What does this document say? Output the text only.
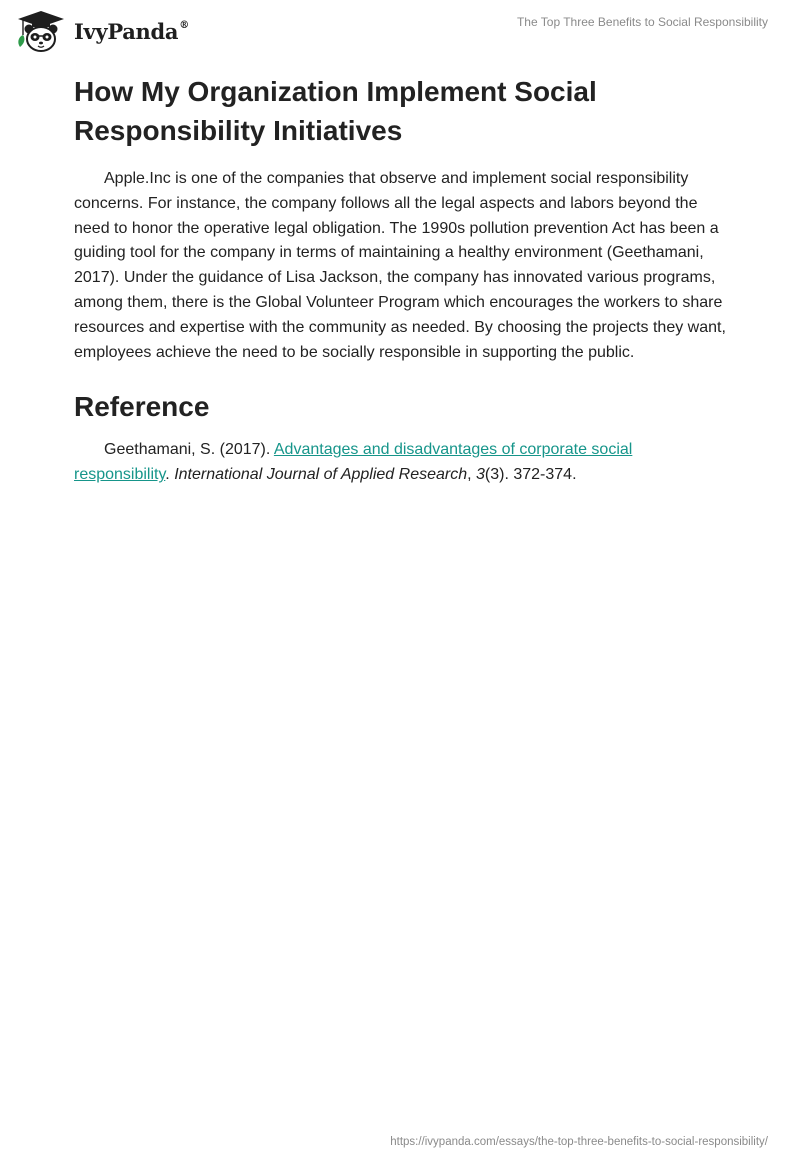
IvyPanda®	The Top Three Benefits to Social Responsibility
How My Organization Implement Social Responsibility Initiatives

Apple.Inc is one of the companies that observe and implement social responsibility concerns. For instance, the company follows all the legal aspects and labors beyond the need to honor the operative legal obligation. The 1990s pollution prevention Act has been a guiding tool for the company in terms of maintaining a healthy environment (Geethamani, 2017). Under the guidance of Lisa Jackson, the company has innovated various programs, among them, there is the Global Volunteer Program which encourages the workers to share resources and expertise with the community as needed. By choosing the projects they want, employees achieve the need to be socially responsible in supporting the public.

Reference

Geethamani, S. (2017). Advantages and disadvantages of corporate social responsibility. International Journal of Applied Research, 3(3). 372-374.

https://ivypanda.com/essays/the-top-three-benefits-to-social-responsibility/
